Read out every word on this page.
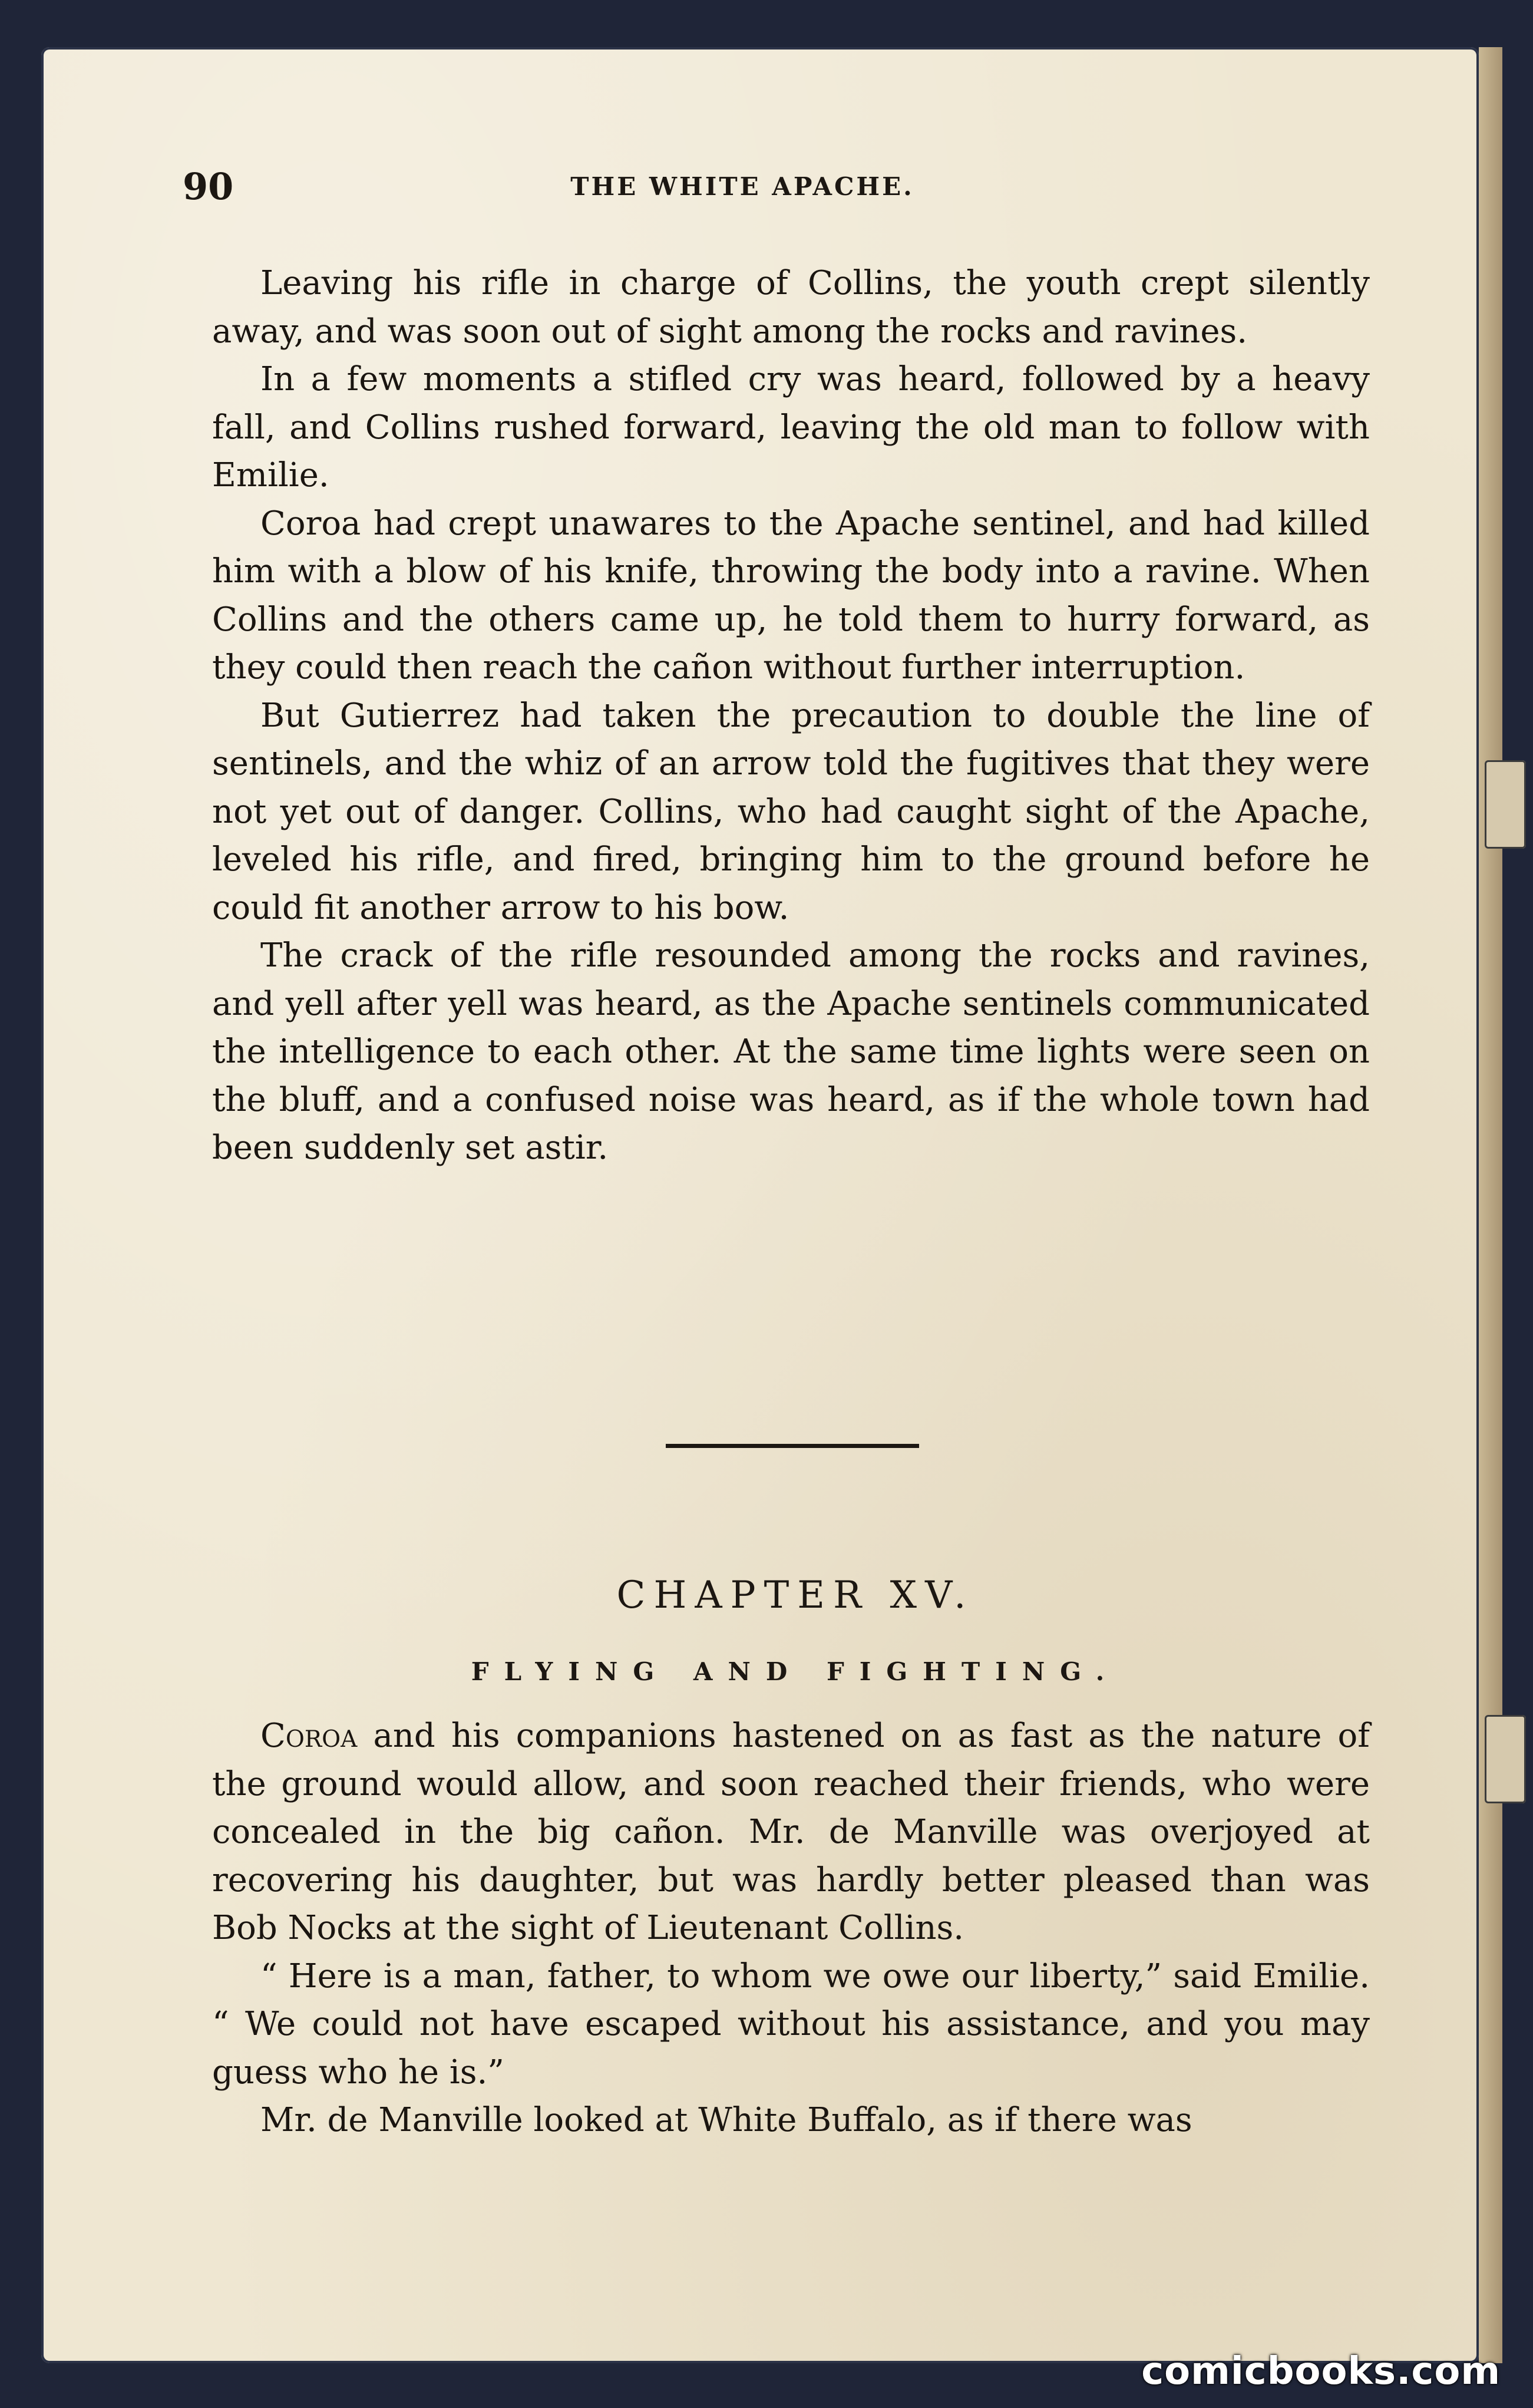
90	THE WHITE APACHE.

Leaving his rifle in charge of Collins, the youth crept silently away, and was soon out of sight among the rocks and ravines.

In a few moments a stifled cry was heard, followed by a heavy fall, and Collins rushed forward, leaving the old man to follow with Emilie.

Coroa had crept unawares to the Apache sentinel, and had killed him with a blow of his knife, throwing the body into a ravine. When Collins and the others came up, he told them to hurry forward, as they could then reach the cañon without further interruption.

But Gutierrez had taken the precaution to double the line of sentinels, and the whiz of an arrow told the fugitives that they were not yet out of danger. Collins, who had caught sight of the Apache, leveled his rifle, and fired, bringing him to the ground before he could fit another arrow to his bow.

The crack of the rifle resounded among the rocks and ravines, and yell after yell was heard, as the Apache sentinels communicated the intelligence to each other. At the same time lights were seen on the bluff, and a confused noise was heard, as if the whole town had been suddenly set astir.

CHAPTER XV.
FLYING AND FIGHTING.

Coroa and his companions hastened on as fast as the nature of the ground would allow, and soon reached their friends, who were concealed in the big cañon. Mr. de Manville was overjoyed at recovering his daughter, but was hardly better pleased than was Bob Nocks at the sight of Lieutenant Collins.

“ Here is a man, father, to whom we owe our liberty,” said Emilie. “ We could not have escaped without his assistance, and you may guess who he is.”

Mr. de Manville looked at White Buffalo, as if there was

comicbooks.com
